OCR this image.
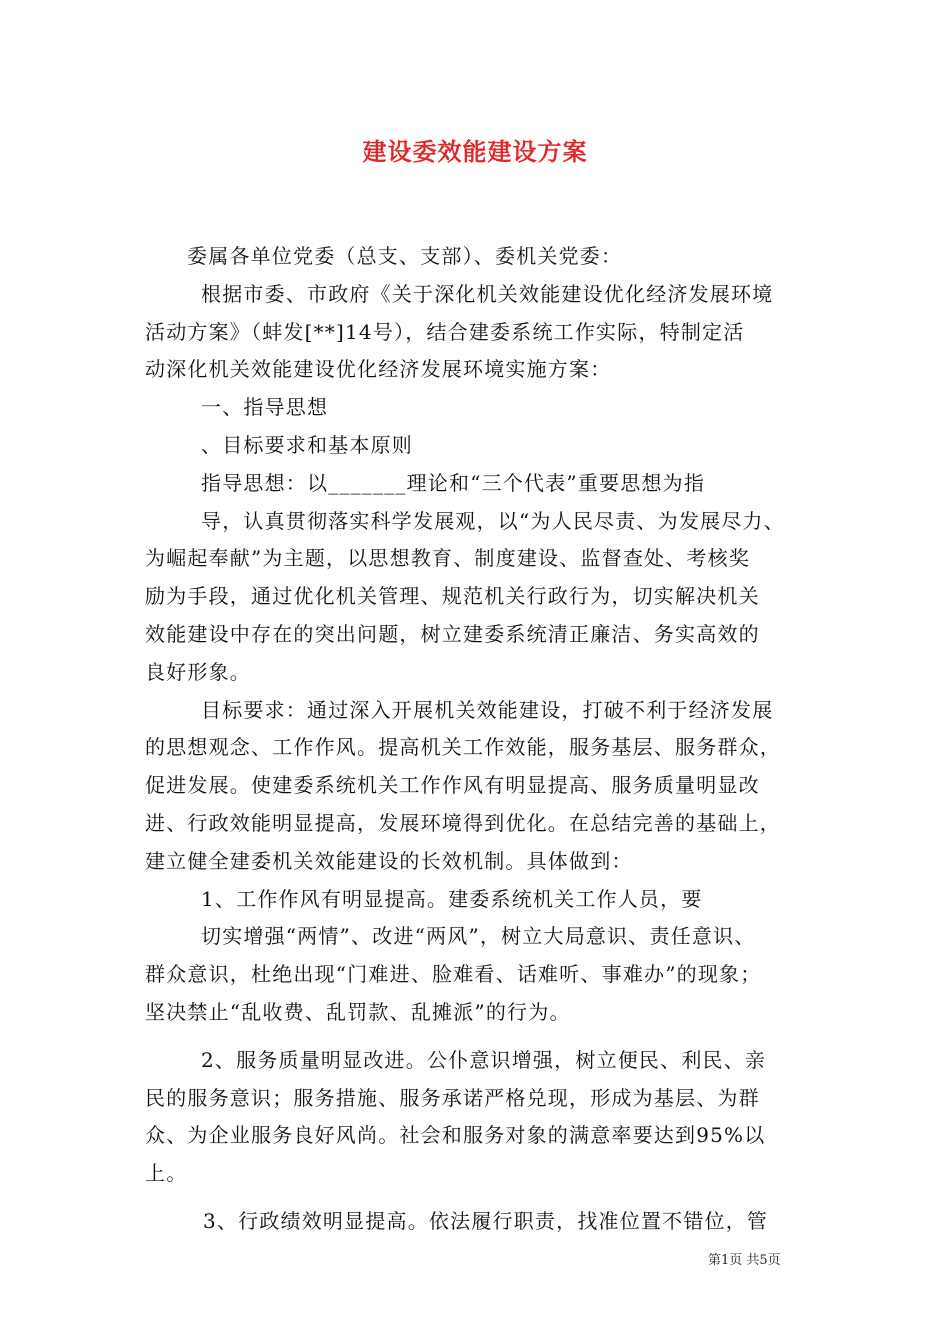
建设委效能建设方案

委属各单位党委（总支、支部）、委机关党委：

根据市委、市政府《关于深化机关效能建设优化经济发展环境

活动方案》（蚌发[**]14号），结合建委系统工作实际，特制定活

动深化机关效能建设优化经济发展环境实施方案：

一、指导思想

、目标要求和基本原则

指导思想：以_______理论和“三个代表”重要思想为指

导，认真贯彻落实科学发展观，以“为人民尽责、为发展尽力、

为崛起奉献”为主题，以思想教育、制度建设、监督查处、考核奖

励为手段，通过优化机关管理、规范机关行政行为，切实解决机关

效能建设中存在的突出问题，树立建委系统清正廉洁、务实高效的

良好形象。

目标要求：通过深入开展机关效能建设，打破不利于经济发展

的思想观念、工作作风。提高机关工作效能，服务基层、服务群众，

促进发展。使建委系统机关工作作风有明显提高、服务质量明显改

进、行政效能明显提高，发展环境得到优化。在总结完善的基础上，

建立健全建委机关效能建设的长效机制。具体做到：

1、工作作风有明显提高。建委系统机关工作人员，要

切实增强“两情”、改进“两风”，树立大局意识、责任意识、

群众意识，杜绝出现“门难进、脸难看、话难听、事难办”的现象；

坚决禁止“乱收费、乱罚款、乱摊派”的行为。

2、服务质量明显改进。公仆意识增强，树立便民、利民、亲

民的服务意识；服务措施、服务承诺严格兑现，形成为基层、为群

众、为企业服务良好风尚。社会和服务对象的满意率要达到95%以

上。

3、行政绩效明显提高。依法履行职责，找准位置不错位，管

第1页 共5页
